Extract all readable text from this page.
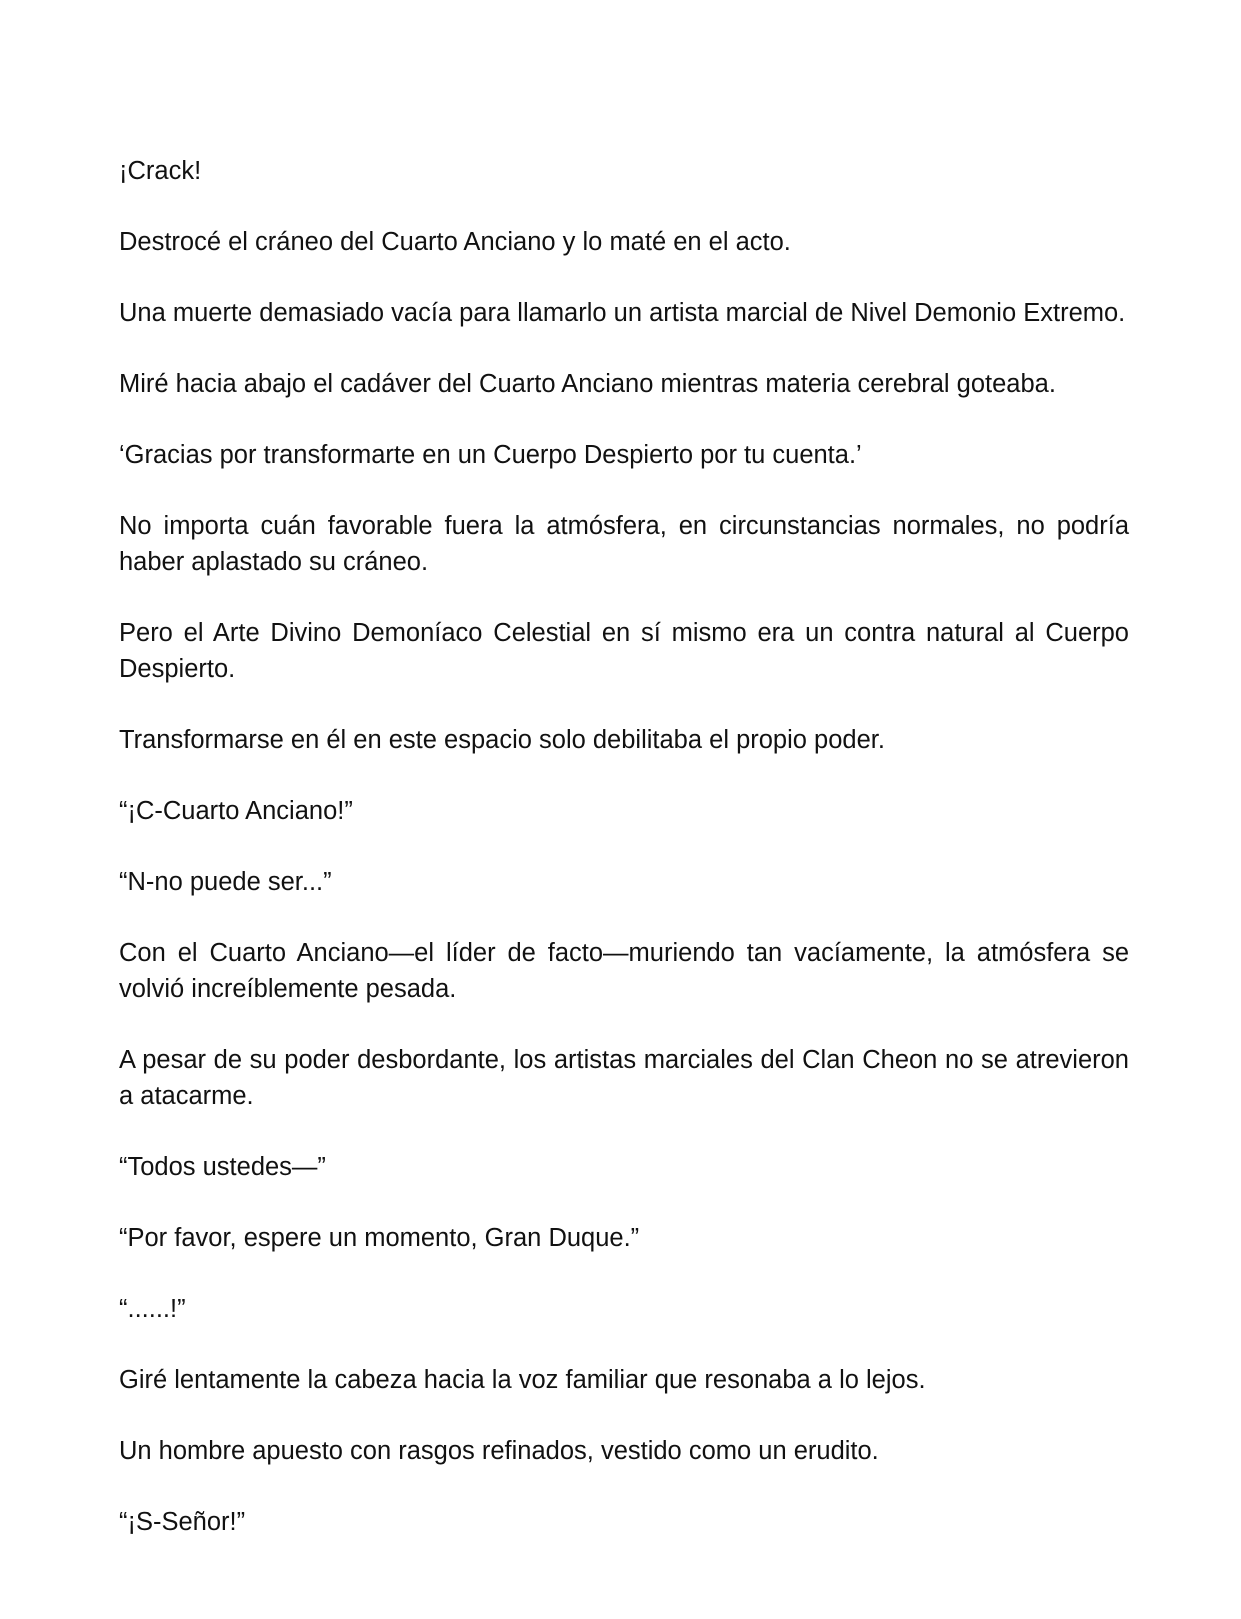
¡Crack!

Destrocé el cráneo del Cuarto Anciano y lo maté en el acto.

Una muerte demasiado vacía para llamarlo un artista marcial de Nivel Demonio Extremo.

Miré hacia abajo el cadáver del Cuarto Anciano mientras materia cerebral goteaba.

‘Gracias por transformarte en un Cuerpo Despierto por tu cuenta.’

No importa cuán favorable fuera la atmósfera, en circunstancias normales, no podría haber aplastado su cráneo.

Pero el Arte Divino Demoníaco Celestial en sí mismo era un contra natural al Cuerpo Despierto.

Transformarse en él en este espacio solo debilitaba el propio poder.

“¡C-Cuarto Anciano!”

“N-no puede ser...”

Con el Cuarto Anciano—el líder de facto—muriendo tan vacíamente, la atmósfera se volvió increíblemente pesada.

A pesar de su poder desbordante, los artistas marciales del Clan Cheon no se atrevieron a atacarme.

“Todos ustedes—”

“Por favor, espere un momento, Gran Duque.”

“......!”

Giré lentamente la cabeza hacia la voz familiar que resonaba a lo lejos.

Un hombre apuesto con rasgos refinados, vestido como un erudito.

“¡S-Señor!”
